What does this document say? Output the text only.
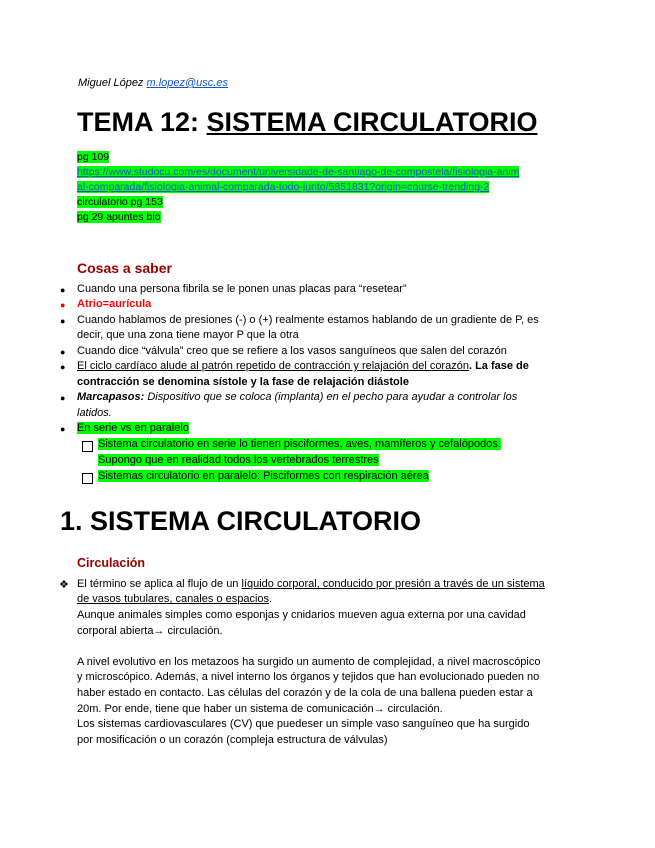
Miguel López m.lopez@usc.es
TEMA 12: SISTEMA CIRCULATORIO
pg 109
https://www.studocu.com/es/document/universidade-de-santiago-de-compostela/fisiologia-anim
al-comparada/fisiologia-animal-comparada-todo-junto/5851831?origin=course-trending-2
circulatorio pg 153
pg 29 apuntes bio
Cosas a saber
● Cuando una persona fibrila se le ponen unas placas para “resetear”
● Atrio=aurícula
● Cuando hablamos de presiones (-) o (+) realmente estamos hablando de un gradiente de P, es
decir, que una zona tiene mayor P que la otra
● Cuando dice “válvula” creo que se refiere a los vasos sanguíneos que salen del corazón
● El ciclo cardíaco alude al patrón repetido de contracción y relajación del corazón. La fase de
contracción se denomina sístole y la fase de relajación diástole
● Marcapasos: Dispositivo que se coloca (implanta) en el pecho para ayudar a controlar los
latidos.
● En serie vs en paralelo
Sistema circulatorio en serie lo tienen pisciformes, aves, mamíferos y cefalópodos.
Supongo que en realidad todos los vertebrados terrestres
Sistemas circulatorio en paralelo: Pisciformes con respiración aérea
1. SISTEMA CIRCULATORIO
Circulación
❖ El término se aplica al flujo de un líquido corporal, conducido por presión a través de un sistema
de vasos tubulares, canales o espacios.
Aunque animales simples como esponjas y cnidarios mueven agua externa por una cavidad
corporal abierta→ circulación.
A nivel evolutivo en los metazoos ha surgido un aumento de complejidad, a nivel macroscópico
y microscópico. Además, a nivel interno los órganos y tejidos que han evolucionado pueden no
haber estado en contacto. Las células del corazón y de la cola de una ballena pueden estar a
20m. Por ende, tiene que haber un sistema de comunicación→ circulación.
Los sistemas cardiovasculares (CV) que puedeser un simple vaso sanguíneo que ha surgido
por mosificación o un corazón (compleja estructura de válvulas)
